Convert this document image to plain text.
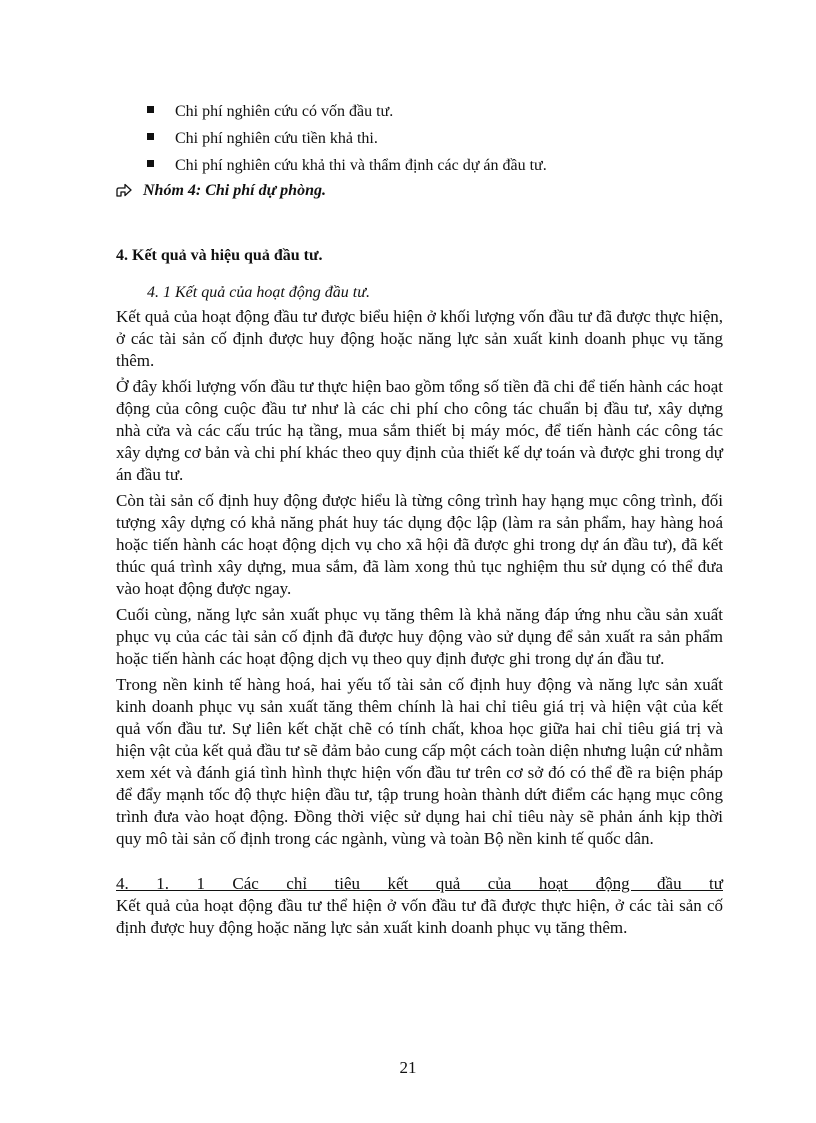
Chi phí nghiên cứu có vốn đầu tư.
Chi phí nghiên cứu tiền khả thi.
Chi phí nghiên cứu khả thi và thẩm định các dự án đầu tư.
Nhóm 4: Chi phí dự phòng.
4. Kết quả và hiệu quả đầu tư.
4. 1 Kết quả của hoạt động đầu tư.

Kết quả của hoạt động đầu tư được biểu hiện ở khối lượng vốn đầu tư đã được thực hiện, ở các tài sản cố định được huy động hoặc năng lực sản xuất kinh doanh phục vụ tăng thêm.

Ở đây khối lượng vốn đầu tư thực hiện bao gồm tổng số tiền đã chi để tiến hành các hoạt động của công cuộc đầu tư như là các chi phí cho công tác chuẩn bị đầu tư, xây dựng nhà cửa và các cấu trúc hạ tầng, mua sắm thiết bị máy móc, để tiến hành các công tác xây dựng cơ bản và chi phí khác theo quy định của thiết kế dự toán và được ghi trong dự án đầu tư.

Còn tài sản cố định huy động được hiểu là từng công trình hay hạng mục công trình, đối tượng xây dựng có khả năng phát huy tác dụng độc lập (làm ra sản phẩm, hay hàng hoá hoặc tiến hành các hoạt động dịch vụ cho xã hội đã được ghi trong dự án đầu tư), đã kết thúc quá trình xây dựng, mua sắm, đã làm xong thủ tục nghiệm thu sử dụng có thể đưa vào hoạt động được ngay.

Cuối cùng, năng lực sản xuất phục vụ tăng thêm là khả năng đáp ứng nhu cầu sản xuất phục vụ của các tài sản cố định đã được huy động vào sử dụng để sản xuất ra sản phẩm hoặc tiến hành các hoạt động dịch vụ theo quy định được ghi trong dự án đầu tư.

Trong nền kinh tế hàng hoá, hai yếu tố tài sản cố định huy động và năng lực sản xuất kinh doanh phục vụ sản xuất tăng thêm chính là hai chỉ tiêu giá trị và hiện vật của kết quả vốn đầu tư. Sự liên kết chặt chẽ có tính chất, khoa học giữa hai chỉ tiêu giá trị và hiện vật của kết quả đầu tư sẽ đảm bảo cung cấp một cách toàn diện nhưng luận cứ nhằm xem xét và đánh giá tình hình thực hiện vốn đầu tư trên cơ sở đó có thể đề ra biện pháp để đẩy mạnh tốc độ thực hiện đầu tư, tập trung hoàn thành dứt điểm các hạng mục công trình đưa vào hoạt động. Đồng thời việc sử dụng hai chỉ tiêu này sẽ phản ánh kịp thời quy mô tài sản cố định trong các ngành, vùng và toàn Bộ nền kinh tế quốc dân.

4. 1. 1 Các chỉ tiêu kết quả của hoạt động đầu tư

Kết quả của hoạt động đầu tư thể hiện ở vốn đầu tư đã được thực hiện, ở các tài sản cố định được huy động hoặc năng lực sản xuất kinh doanh phục vụ tăng thêm.

21
